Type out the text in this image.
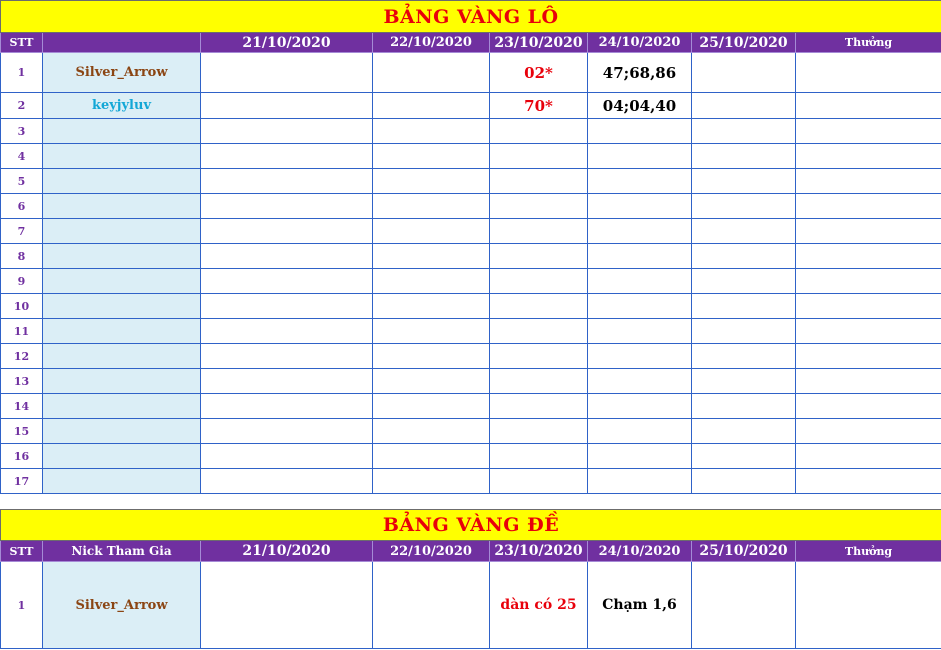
BẢNG VÀNG LÔ							
STT		21/10/2020	22/10/2020	23/10/2020	24/10/2020	25/10/2020	Thưởng
1	Silver_Arrow			02*	47;68,86		
2	keyjyluv			70*	04;04,40		
3							
4							
5							
6							
7							
8							
9							
10							
11							
12							
13							
14							
15							
16							
17							
BẢNG VÀNG ĐỀ							
STT	Nick Tham Gia	21/10/2020	22/10/2020	23/10/2020	24/10/2020	25/10/2020	Thưởng
1	Silver_Arrow			dàn có 25	Chạm 1,6		
